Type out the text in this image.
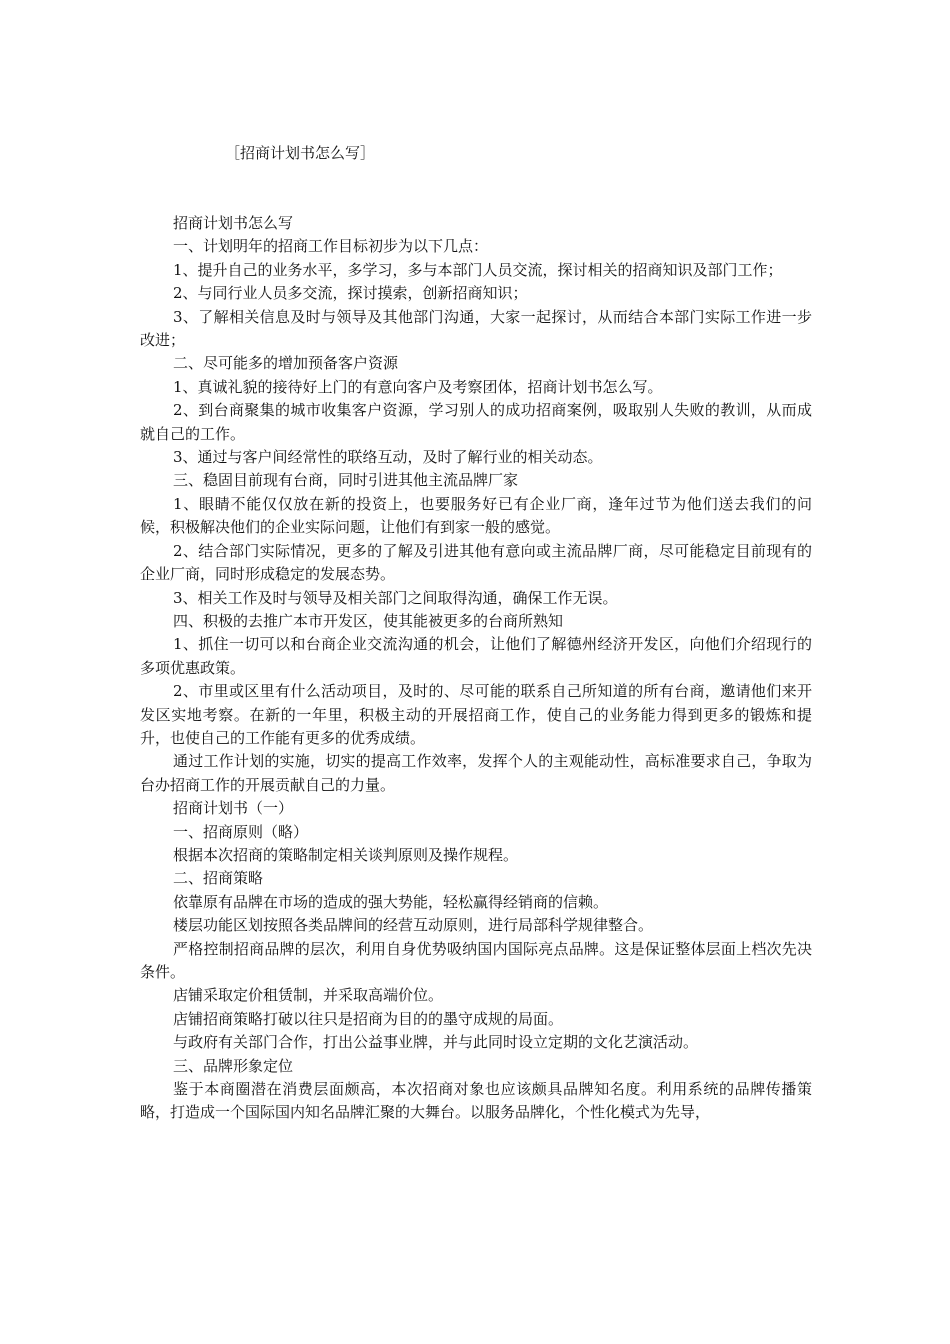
［招商计划书怎么写］

招商计划书怎么写

一、计划明年的招商工作目标初步为以下几点：

1、提升自己的业务水平，多学习，多与本部门人员交流，探讨相关的招商知识及部门工作；

2、与同行业人员多交流，探讨摸索，创新招商知识；

3、了解相关信息及时与领导及其他部门沟通，大家一起探讨，从而结合本部门实际工作进一步改进；

二、尽可能多的增加预备客户资源

1、真诚礼貌的接待好上门的有意向客户及考察团体，招商计划书怎么写。

2、到台商聚集的城市收集客户资源，学习别人的成功招商案例，吸取别人失败的教训，从而成就自己的工作。

3、通过与客户间经常性的联络互动，及时了解行业的相关动态。

三、稳固目前现有台商，同时引进其他主流品牌厂家

1、眼睛不能仅仅放在新的投资上，也要服务好已有企业厂商，逢年过节为他们送去我们的问候，积极解决他们的企业实际问题，让他们有到家一般的感觉。

2、结合部门实际情况，更多的了解及引进其他有意向或主流品牌厂商，尽可能稳定目前现有的企业厂商，同时形成稳定的发展态势。

3、相关工作及时与领导及相关部门之间取得沟通，确保工作无误。

四、积极的去推广本市开发区，使其能被更多的台商所熟知

1、抓住一切可以和台商企业交流沟通的机会，让他们了解德州经济开发区，向他们介绍现行的多项优惠政策。

2、市里或区里有什么活动项目，及时的、尽可能的联系自己所知道的所有台商，邀请他们来开发区实地考察。在新的一年里，积极主动的开展招商工作，使自己的业务能力得到更多的锻炼和提升，也使自己的工作能有更多的优秀成绩。

通过工作计划的实施，切实的提高工作效率，发挥个人的主观能动性，高标准要求自己，争取为台办招商工作的开展贡献自己的力量。

招商计划书（一）

一、招商原则（略）

根据本次招商的策略制定相关谈判原则及操作规程。

二、招商策略

依靠原有品牌在市场的造成的强大势能，轻松赢得经销商的信赖。

楼层功能区划按照各类品牌间的经营互动原则，进行局部科学规律整合。

严格控制招商品牌的层次，利用自身优势吸纳国内国际亮点品牌。这是保证整体层面上档次先决条件。

店铺采取定价租赁制，并采取高端价位。

店铺招商策略打破以往只是招商为目的的墨守成规的局面。

与政府有关部门合作，打出公益事业牌，并与此同时设立定期的文化艺演活动。

三、品牌形象定位

鉴于本商圈潜在消费层面颇高，本次招商对象也应该颇具品牌知名度。利用系统的品牌传播策略，打造成一个国际国内知名品牌汇聚的大舞台。以服务品牌化，个性化模式为先导，
